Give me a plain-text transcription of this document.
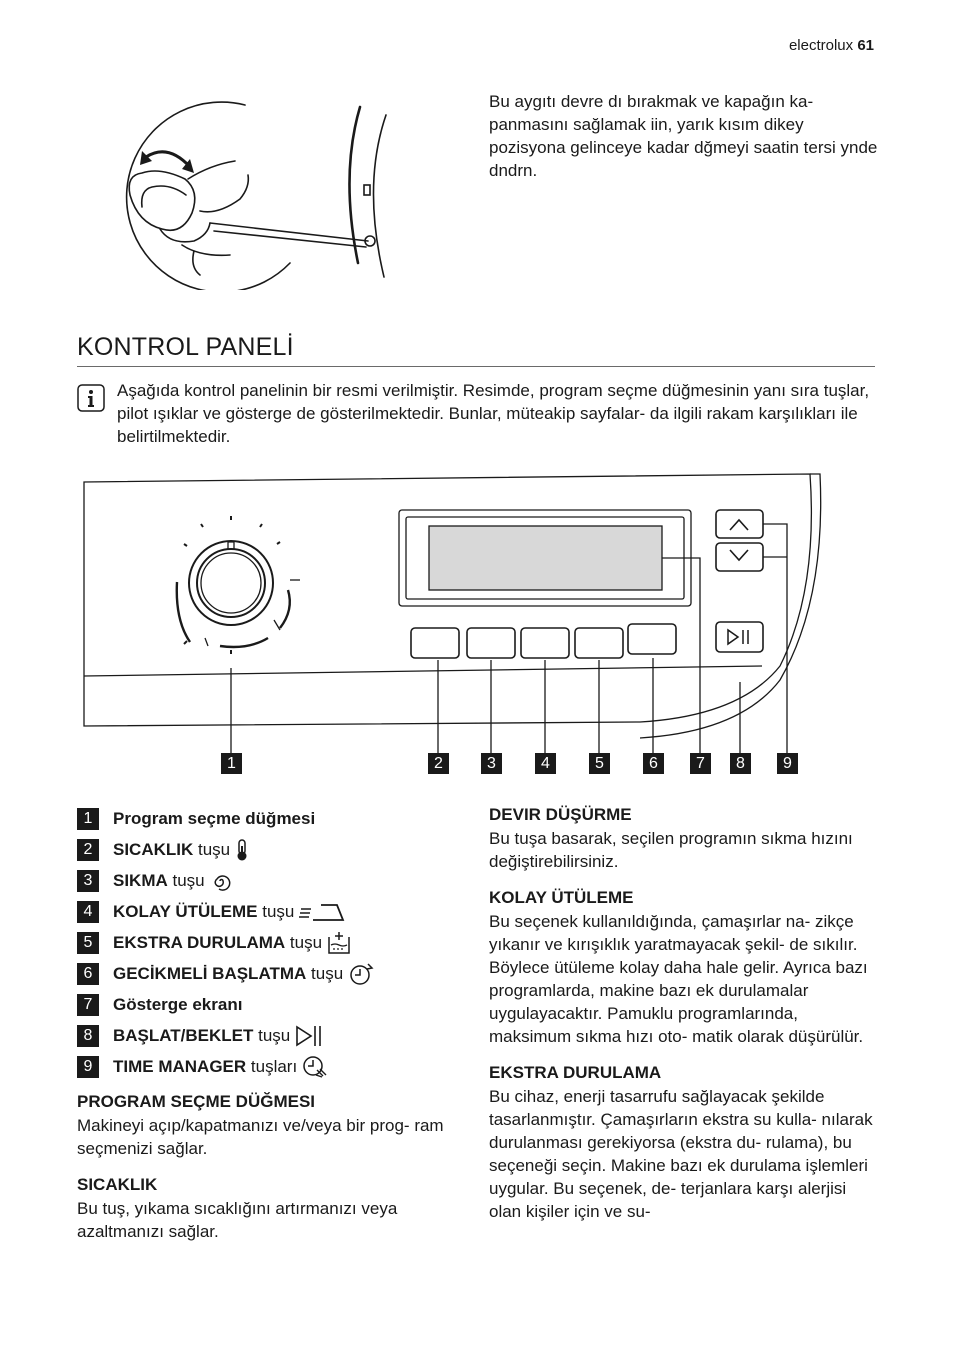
electrolux 61
Bu aygıtı devre dı bırakmak ve kapağın ka- panmasını sağlamak iin, yarık kısım dikey pozisyona gelinceye kadar dğmeyi saatin tersi ynde dndrn.
KONTROL PANELİ
Aşağıda kontrol panelinin bir resmi verilmiştir. Resimde, program seçme düğmesinin yanı sıra tuşlar, pilot ışıklar ve gösterge de gösterilmektedir. Bunlar, müteakip sayfalar- da ilgili rakam karşılıkları ile belirtilmektedir.
1	2	3	4	5	6	7	8	9
1	Program seçme düğmesi
2	SICAKLIK tuşu
3	SIKMA tuşu
4	KOLAY ÜTÜLEME tuşu
5	EKSTRA DURULAMA tuşu
6	GECİKMELİ BAŞLATMA tuşu
7	Gösterge ekranı
8	BAŞLAT/BEKLET tuşu
9	TIME MANAGER tuşları
PROGRAM SEÇME DÜĞMESI
Makineyi açıp/kapatmanızı ve/veya bir prog- ram seçmenizi sağlar.
SICAKLIK
Bu tuş, yıkama sıcaklığını artırmanızı veya azaltmanızı sağlar.
DEVIR DÜŞÜRME
Bu tuşa basarak, seçilen programın sıkma hızını değiştirebilirsiniz.
KOLAY ÜTÜLEME
Bu seçenek kullanıldığında, çamaşırlar na- zikçe yıkanır ve kırışıklık yaratmayacak şekil- de sıkılır. Böylece ütüleme kolay daha hale gelir. Ayrıca bazı programlarda, makine bazı ek durulamalar uygulayacaktır. Pamuklu programlarında, maksimum sıkma hızı oto- matik olarak düşürülür.
EKSTRA DURULAMA
Bu cihaz, enerji tasarrufu sağlayacak şekilde tasarlanmıştır. Çamaşırların ekstra su kulla- nılarak durulanması gerekiyorsa (ekstra du- rulama), bu seçeneği seçin. Makine bazı ek durulama işlemleri uygular. Bu seçenek, de- terjanlara karşı alerjisi olan kişiler için ve su-
